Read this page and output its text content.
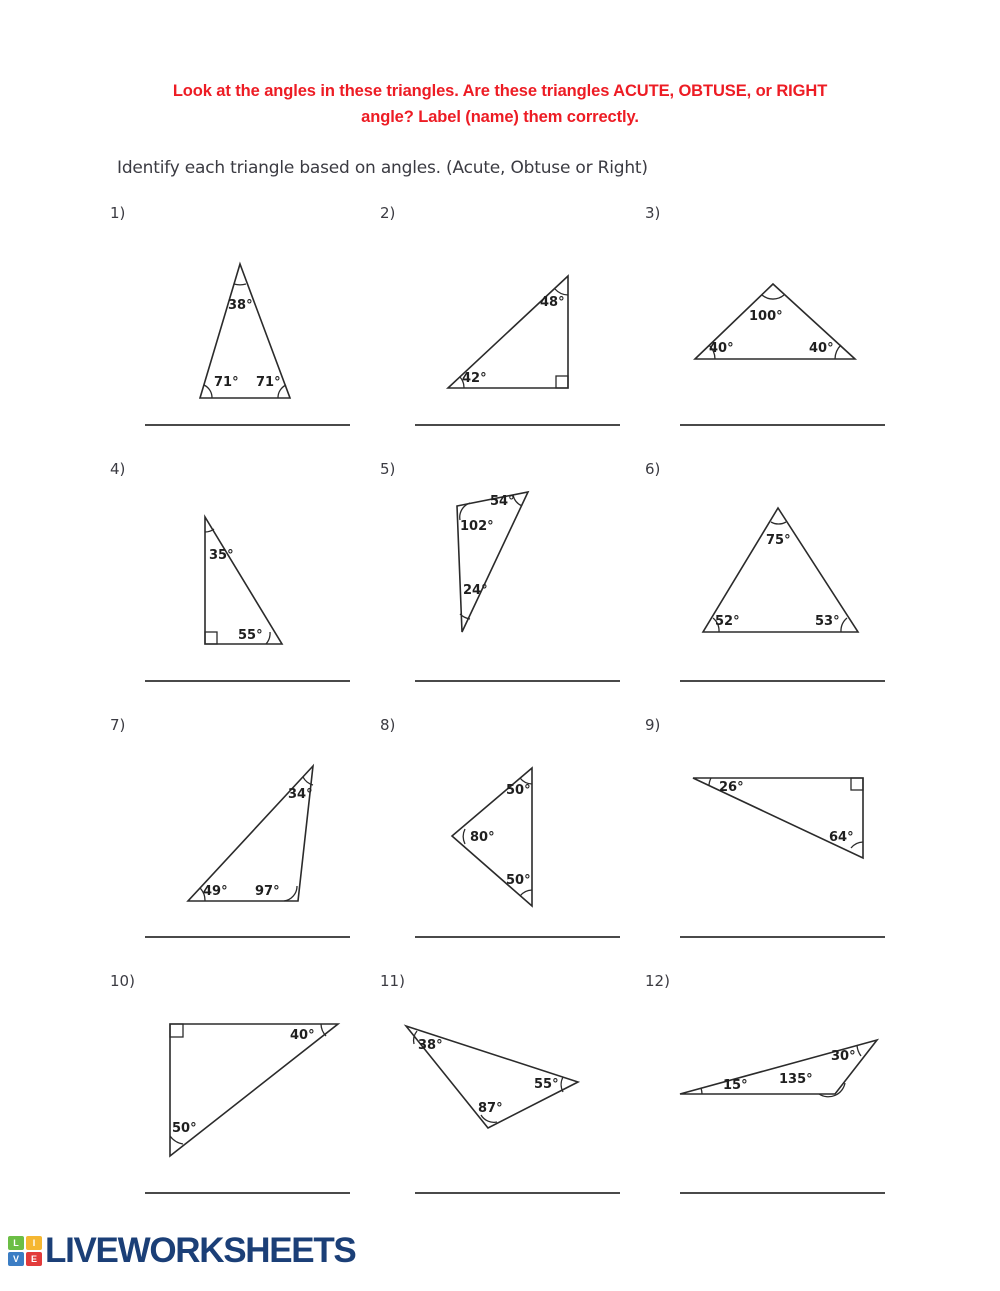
Look at the angles in these triangles. Are these triangles ACUTE, OBTUSE, or RIGHT
angle? Label (name) them correctly.
Identify each triangle based on angles. (Acute, Obtuse or Right)
1)
38°
71° 71°
2)
48°
42°
3)
100°
40°	40°
4)
35°
55°
5)
102°
54°
24°
6)
75°
52°	53°
7)
34°
49° 97°
8)
50°
80°
50°
9)
26°
64°
10)
40°
50°
11)
38°
55°
87°
12)
15° 135°
30°
L	I
V	E LIVEWORKSHEETS
